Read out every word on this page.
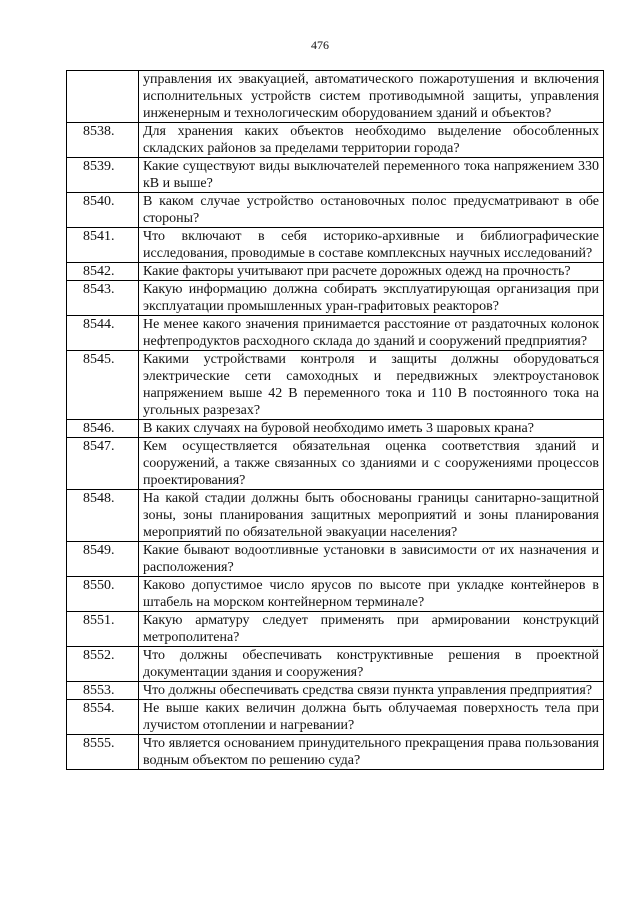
476
	управления их эвакуацией, автоматического пожаротушения и включения исполнительных устройств систем противодымной защиты, управления инженерным и технологическим оборудованием зданий и объектов?
8538.	Для хранения каких объектов необходимо выделение обособленных складских районов за пределами территории города?
8539.	Какие существуют виды выключателей переменного тока напряжением 330 кВ и выше?
8540.	В каком случае устройство остановочных полос предусматривают в обе стороны?
8541.	Что включают в себя историко-архивные и библиографические исследования, проводимые в составе комплексных научных исследований?
8542.	Какие факторы учитывают при расчете дорожных одежд на прочность?
8543.	Какую информацию должна собирать эксплуатирующая организация при эксплуатации промышленных уран-графитовых реакторов?
8544.	Не менее какого значения принимается расстояние от раздаточных колонок нефтепродуктов расходного склада до зданий и сооружений предприятия?
8545.	Какими устройствами контроля и защиты должны оборудоваться электрические сети самоходных и передвижных электроустановок напряжением выше 42 В переменного тока и 110 В постоянного тока на угольных разрезах?
8546.	В каких случаях на буровой необходимо иметь 3 шаровых крана?
8547.	Кем осуществляется обязательная оценка соответствия зданий и сооружений, а также связанных со зданиями и с сооружениями процессов проектирования?
8548.	На какой стадии должны быть обоснованы границы санитарно-защитной зоны, зоны планирования защитных мероприятий и зоны планирования мероприятий по обязательной эвакуации населения?
8549.	Какие бывают водоотливные установки в зависимости от их назначения и расположения?
8550.	Каково допустимое число ярусов по высоте при укладке контейнеров в штабель на морском контейнерном терминале?
8551.	Какую арматуру следует применять при армировании конструкций метрополитена?
8552.	Что должны обеспечивать конструктивные решения в проектной документации здания и сооружения?
8553.	Что должны обеспечивать средства связи пункта управления предприятия?
8554.	Не выше каких величин должна быть облучаемая поверхность тела при лучистом отоплении и нагревании?
8555.	Что является основанием принудительного прекращения права пользования водным объектом по решению суда?
